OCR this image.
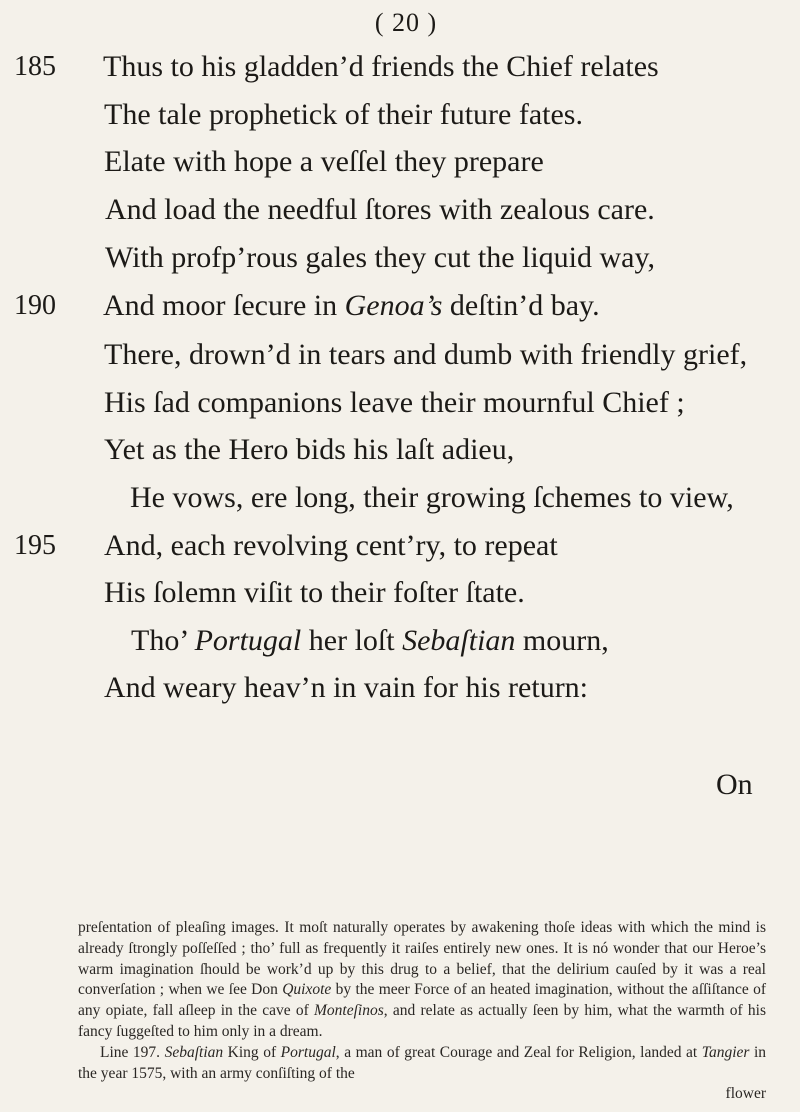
( 20 )
185	Thus to his gladden’d friends the Chief relates
The tale prophetick of their future fates.
Elate with hope a veſſel they prepare
And load the needful ſtores with zealous care.
With profp’rous gales they cut the liquid way,
190	And moor ſecure in Genoa’s deſtin’d bay.
There, drown’d in tears and dumb with friendly grief,
His ſad companions leave their mournful Chief ;
Yet as the Hero bids his laſt adieu,
He vows, ere long, their growing ſchemes to view,
195	And, each revolving cent’ry, to repeat
His ſolemn viſit to their foſter ſtate.
Tho’ Portugal her loſt Sebaſtian mourn,
And weary heav’n in vain for his return:
On

preſentation of pleaſing images. It moſt naturally operates by awakening thoſe ideas with which the mind is already ſtrongly poſſeſſed ; tho’ full as frequently it raiſes entirely new ones. It is nó wonder that our Heroe’s warm imagination ſhould be work’d up by this drug to a belief, that the delirium cauſed by it was a real converſation ; when we ſee Don Quixote by the meer Force of an heated imagination, without the aſſiſtance of any opiate, fall aſleep in the cave of Monteſinos, and relate as actually ſeen by him, what the warmth of his fancy ſuggeſted to him only in a dream.

Line 197. Sebaſtian King of Portugal, a man of great Courage and Zeal for Religion, landed at Tangier in the year 1575, with an army conſiſting of the

flower
